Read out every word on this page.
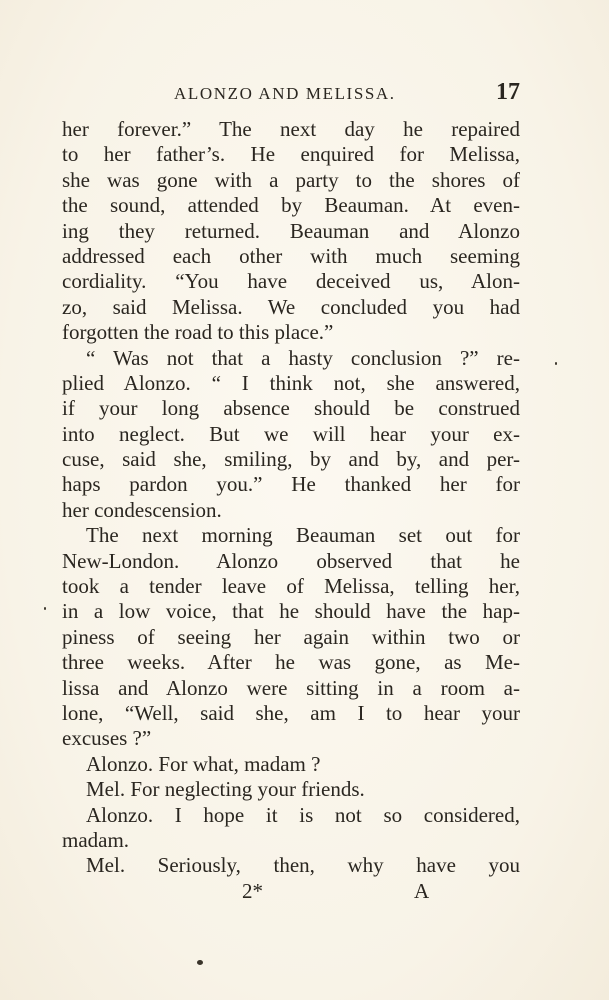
ALONZO AND MELISSA.	17
her forever.” The next day he repaired
to her father’s. He enquired for Melissa,
she was gone with a party to the shores of
the sound, attended by Beauman. At even-
ing they returned. Beauman and Alonzo
addressed each other with much seeming
cordiality. “You have deceived us, Alon-
zo, said Melissa. We concluded you had
forgotten the road to this place.”
“ Was not that a hasty conclusion ?” re-
plied Alonzo. “ I think not, she answered,
if your long absence should be construed
into neglect. But we will hear your ex-
cuse, said she, smiling, by and by, and per-
haps pardon you.” He thanked her for
her condescension.
The next morning Beauman set out for
New-London. Alonzo observed that he
took a tender leave of Melissa, telling her,
in a low voice, that he should have the hap-
piness of seeing her again within two or
three weeks. After he was gone, as Me-
lissa and Alonzo were sitting in a room a-
lone, “Well, said she, am I to hear your
excuses ?”
Alonzo. For what, madam ?
Mel. For neglecting your friends.
Alonzo. I hope it is not so considered,
madam.
Mel. Seriously, then, why have you
2*	A
